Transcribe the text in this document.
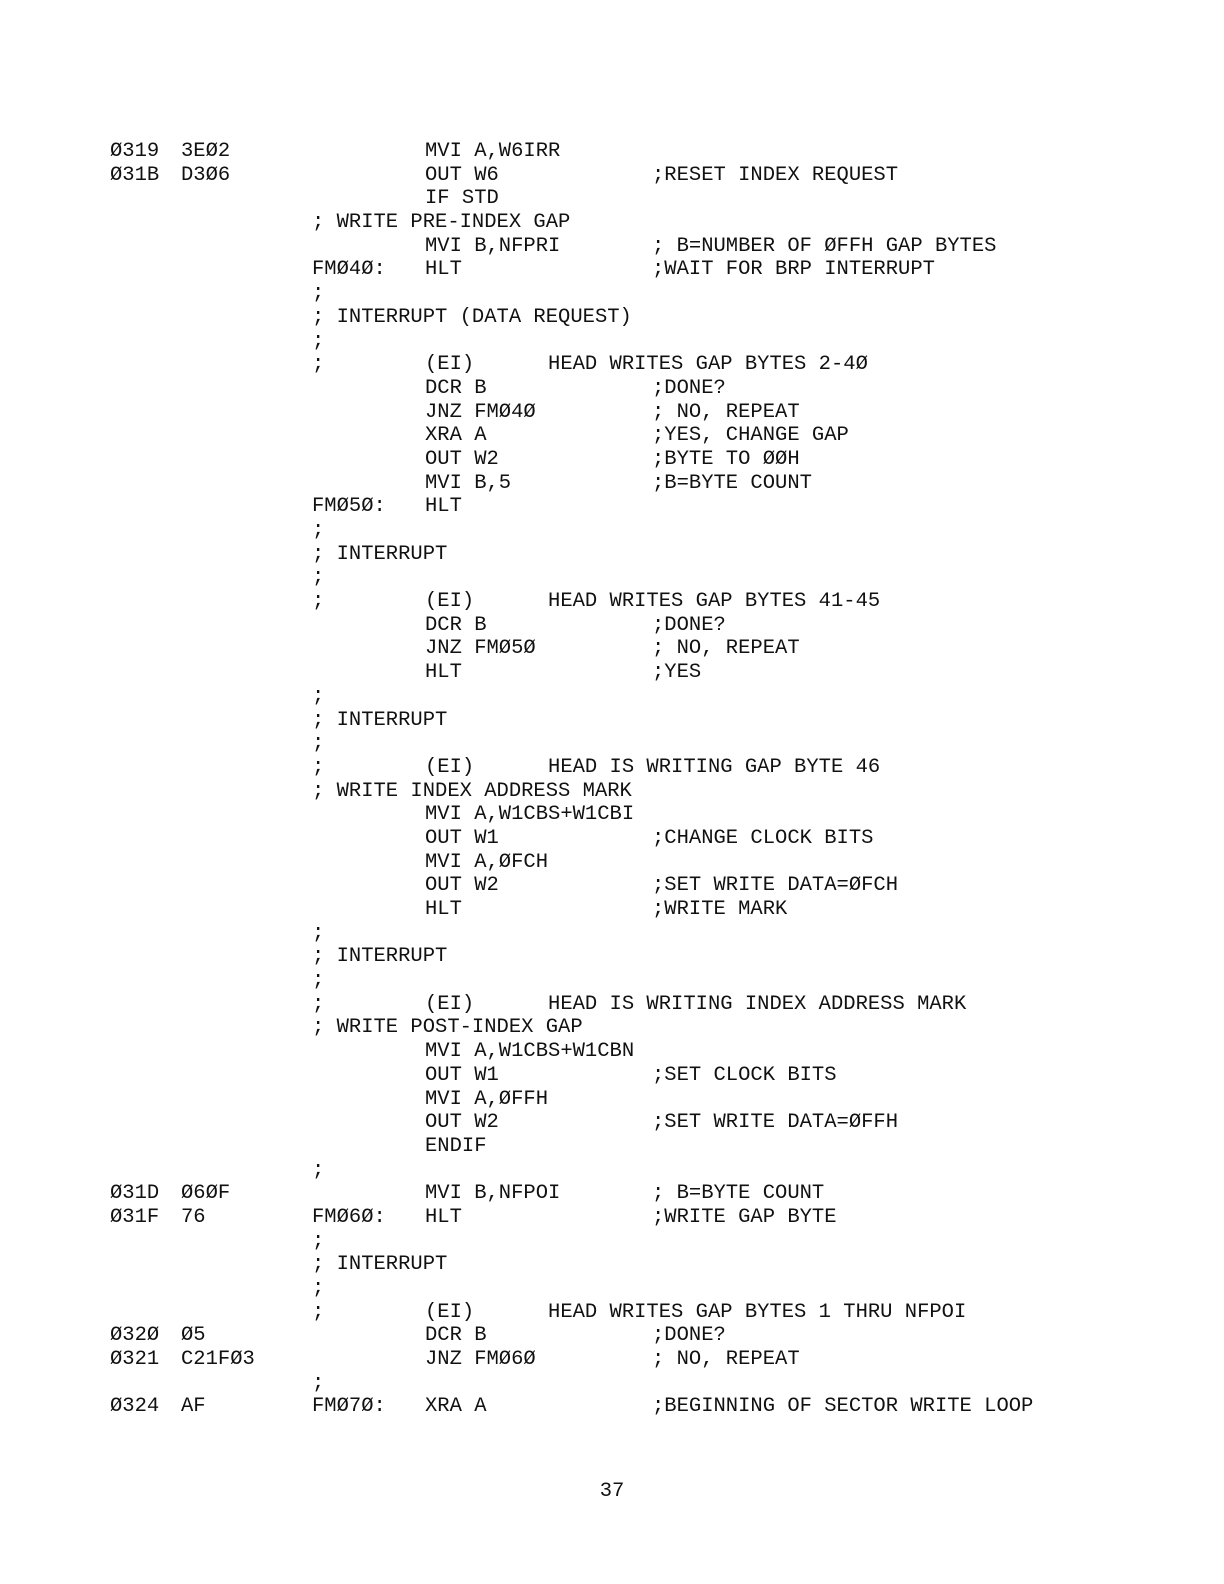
Ø319 3EØ2	MVI A,W6IRR
Ø31B D3Ø6	OUT W6	;RESET INDEX REQUEST
IF STD
; WRITE PRE-INDEX GAP
MVI B,NFPRI	; B=NUMBER OF ØFFH GAP BYTES
FMØ4Ø: HLT	;WAIT FOR BRP INTERRUPT
;
; INTERRUPT (DATA REQUEST)
;
;	(EI)      HEAD WRITES GAP BYTES 2-4Ø
DCR B	;DONE?
JNZ FMØ4Ø	; NO, REPEAT
XRA A	;YES, CHANGE GAP
OUT W2	;BYTE TO ØØH
MVI B,5	;B=BYTE COUNT
FMØ5Ø: HLT
;
; INTERRUPT
;
;	(EI)      HEAD WRITES GAP BYTES 41-45
DCR B	;DONE?
JNZ FMØ5Ø	; NO, REPEAT
HLT	;YES
;
; INTERRUPT
;
;	(EI)      HEAD IS WRITING GAP BYTE 46
; WRITE INDEX ADDRESS MARK
MVI A,W1CBS+W1CBI
OUT W1	;CHANGE CLOCK BITS
MVI A,ØFCH
OUT W2	;SET WRITE DATA=ØFCH
HLT	;WRITE MARK
;
; INTERRUPT
;
;	(EI)      HEAD IS WRITING INDEX ADDRESS MARK
; WRITE POST-INDEX GAP
MVI A,W1CBS+W1CBN
OUT W1	;SET CLOCK BITS
MVI A,ØFFH
OUT W2	;SET WRITE DATA=ØFFH
ENDIF
;
Ø31D Ø6ØF	MVI B,NFPOI	; B=BYTE COUNT
Ø31F 76	FMØ6Ø: HLT	;WRITE GAP BYTE
;
; INTERRUPT
;
;	(EI)      HEAD WRITES GAP BYTES 1 THRU NFPOI
Ø32Ø Ø5	DCR B	;DONE?
Ø321 C21FØ3	JNZ FMØ6Ø	; NO, REPEAT
;
Ø324 AF	FMØ7Ø: XRA A	;BEGINNING OF SECTOR WRITE LOOP
37
